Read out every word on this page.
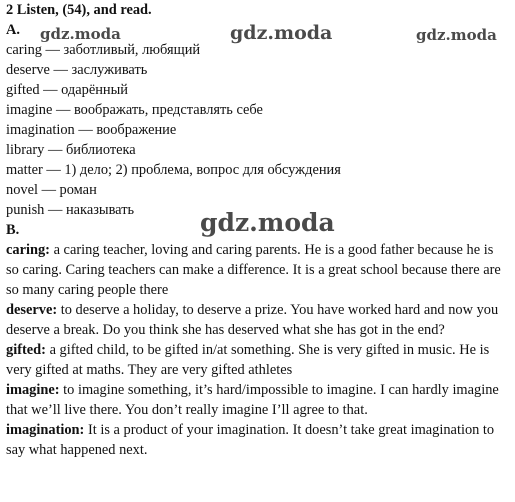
2 Listen, (54), and read.
A.
caring — заботливый, любящий
deserve — заслуживать
gifted — одарённый
imagine — воображать, представлять себе
imagination — воображение
library — библиотека
matter — 1) дело; 2) проблема, вопрос для обсуждения
novel — роман
punish — наказывать
B.
caring: a caring teacher, loving and caring parents. He is a good father because he is so caring. Caring teachers can make a difference. It is a great school because there are so many caring people there
deserve: to deserve a holiday, to deserve a prize. You have worked hard and now you deserve a break. Do you think she has deserved what she has got in the end?
gifted: a gifted child, to be gifted in/at something. She is very gifted in music. He is very gifted at maths. They are very gifted athletes
imagine: to imagine something, it’s hard/impossible to imagine. I can hardly imagine that we’ll live there. You don’t really imagine I’ll agree to that.
imagination: It is a product of your imagination. It doesn’t take great imagination to say what happened next.
gdz.moda	gdz.moda	gdz.moda
gdz.moda
